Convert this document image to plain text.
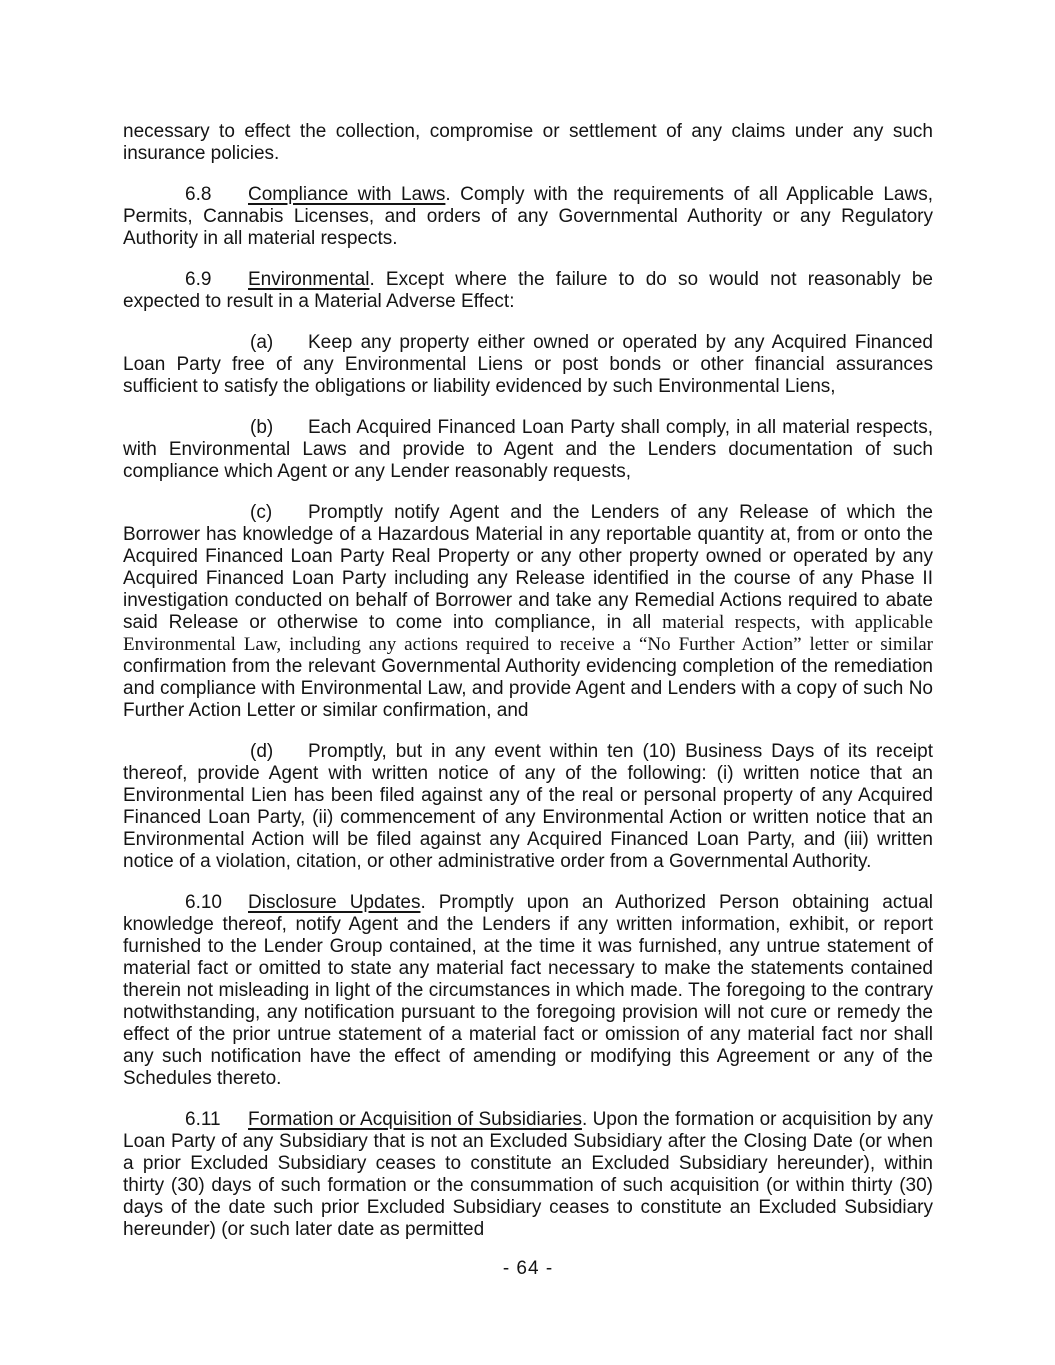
necessary to effect the collection, compromise or settlement of any claims under any such insurance policies.

6.8 Compliance with Laws. Comply with the requirements of all Applicable Laws, Permits, Cannabis Licenses, and orders of any Governmental Authority or any Regulatory Authority in all material respects.

6.9 Environmental. Except where the failure to do so would not reasonably be expected to result in a Material Adverse Effect:

(a) Keep any property either owned or operated by any Acquired Financed Loan Party free of any Environmental Liens or post bonds or other financial assurances sufficient to satisfy the obligations or liability evidenced by such Environmental Liens,

(b) Each Acquired Financed Loan Party shall comply, in all material respects, with Environmental Laws and provide to Agent and the Lenders documentation of such compliance which Agent or any Lender reasonably requests,

(c) Promptly notify Agent and the Lenders of any Release of which the Borrower has knowledge of a Hazardous Material in any reportable quantity at, from or onto the Acquired Financed Loan Party Real Property or any other property owned or operated by any Acquired Financed Loan Party including any Release identified in the course of any Phase II investigation conducted on behalf of Borrower and take any Remedial Actions required to abate said Release or otherwise to come into compliance, in all material respects, with applicable Environmental Law, including any actions required to receive a “No Further Action” letter or similar confirmation from the relevant Governmental Authority evidencing completion of the remediation and compliance with Environmental Law, and provide Agent and Lenders with a copy of such No Further Action Letter or similar confirmation, and

(d) Promptly, but in any event within ten (10) Business Days of its receipt thereof, provide Agent with written notice of any of the following: (i) written notice that an Environmental Lien has been filed against any of the real or personal property of any Acquired Financed Loan Party, (ii) commencement of any Environmental Action or written notice that an Environmental Action will be filed against any Acquired Financed Loan Party, and (iii) written notice of a violation, citation, or other administrative order from a Governmental Authority.

6.10 Disclosure Updates. Promptly upon an Authorized Person obtaining actual knowledge thereof, notify Agent and the Lenders if any written information, exhibit, or report furnished to the Lender Group contained, at the time it was furnished, any untrue statement of material fact or omitted to state any material fact necessary to make the statements contained therein not misleading in light of the circumstances in which made. The foregoing to the contrary notwithstanding, any notification pursuant to the foregoing provision will not cure or remedy the effect of the prior untrue statement of a material fact or omission of any material fact nor shall any such notification have the effect of amending or modifying this Agreement or any of the Schedules thereto.

6.11 Formation or Acquisition of Subsidiaries. Upon the formation or acquisition by any Loan Party of any Subsidiary that is not an Excluded Subsidiary after the Closing Date (or when a prior Excluded Subsidiary ceases to constitute an Excluded Subsidiary hereunder), within thirty (30) days of such formation or the consummation of such acquisition (or within thirty (30) days of the date such prior Excluded Subsidiary ceases to constitute an Excluded Subsidiary hereunder) (or such later date as permitted

- 64 -
